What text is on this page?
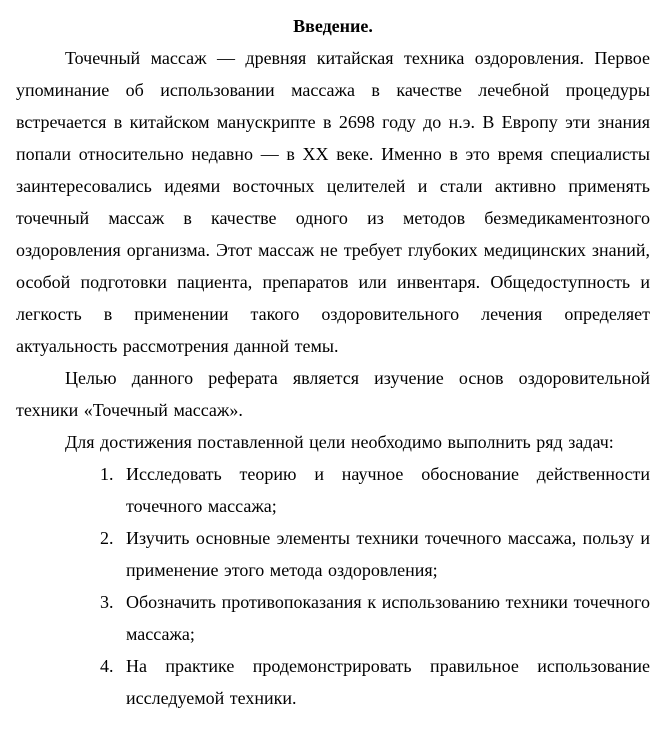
Введение.

Точечный массаж — древняя китайская техника оздоровления. Первое упоминание об использовании массажа в качестве лечебной процедуры встречается в китайском манускрипте в 2698 году до н.э. В Европу эти знания попали относительно недавно — в XX веке. Именно в это время специалисты заинтересовались идеями восточных целителей и стали активно применять точечный массаж в качестве одного из методов безмедикаментозного оздоровления организма. Этот массаж не требует глубоких медицинских знаний, особой подготовки пациента, препаратов или инвентаря. Общедоступность и легкость в применении такого оздоровительного лечения определяет актуальность рассмотрения данной темы.

Целью данного реферата является изучение основ оздоровительной техники «Точечный массаж».

Для достижения поставленной цели необходимо выполнить ряд задач:

1. Исследовать теорию и научное обоснование действенности точечного массажа;
2. Изучить основные элементы техники точечного массажа, пользу и применение этого метода оздоровления;
3. Обозначить противопоказания к использованию техники точечного массажа;
4. На практике продемонстрировать правильное использование исследуемой техники.
